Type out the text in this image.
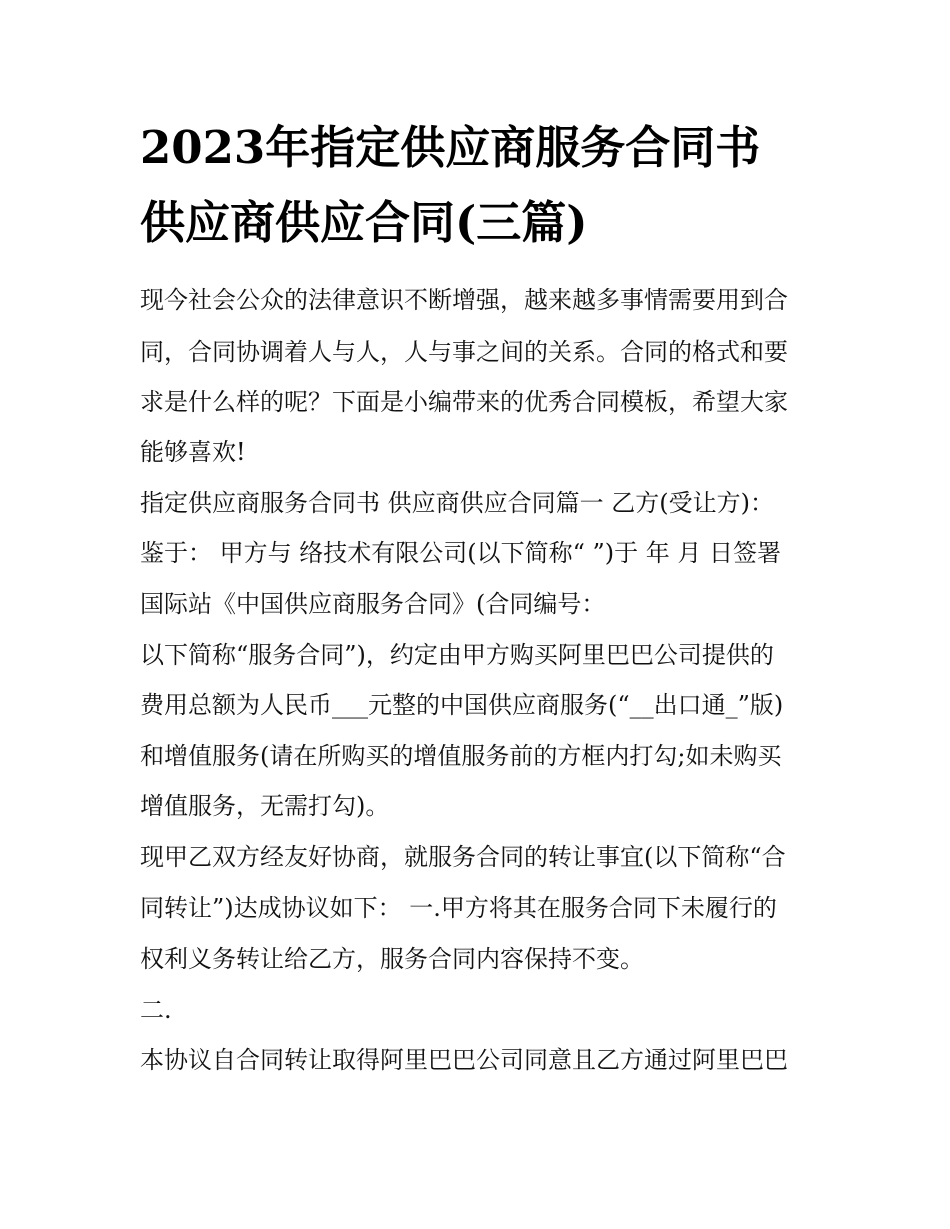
2023年指定供应商服务合同书
供应商供应合同(三篇)

现今社会公众的法律意识不断增强，越来越多事情需要用到合

同，合同协调着人与人，人与事之间的关系。合同的格式和要

求是什么样的呢？下面是小编带来的优秀合同模板，希望大家

能够喜欢!

指定供应商服务合同书 供应商供应合同篇一 乙方(受让方)：

鉴于： 甲方与 络技术有限公司(以下简称“ ”)于 年 月 日签署

国际站《中国供应商服务合同》(合同编号：

以下简称“服务合同”)，约定由甲方购买阿里巴巴公司提供的

费用总额为人民币___元整的中国供应商服务(“__出口通_”版)

和增值服务(请在所购买的增值服务前的方框内打勾;如未购买

增值服务，无需打勾)。

现甲乙双方经友好协商，就服务合同的转让事宜(以下简称“合

同转让”)达成协议如下： 一.甲方将其在服务合同下未履行的

权利义务转让给乙方，服务合同内容保持不变。

二.

本协议自合同转让取得阿里巴巴公司同意且乙方通过阿里巴巴
